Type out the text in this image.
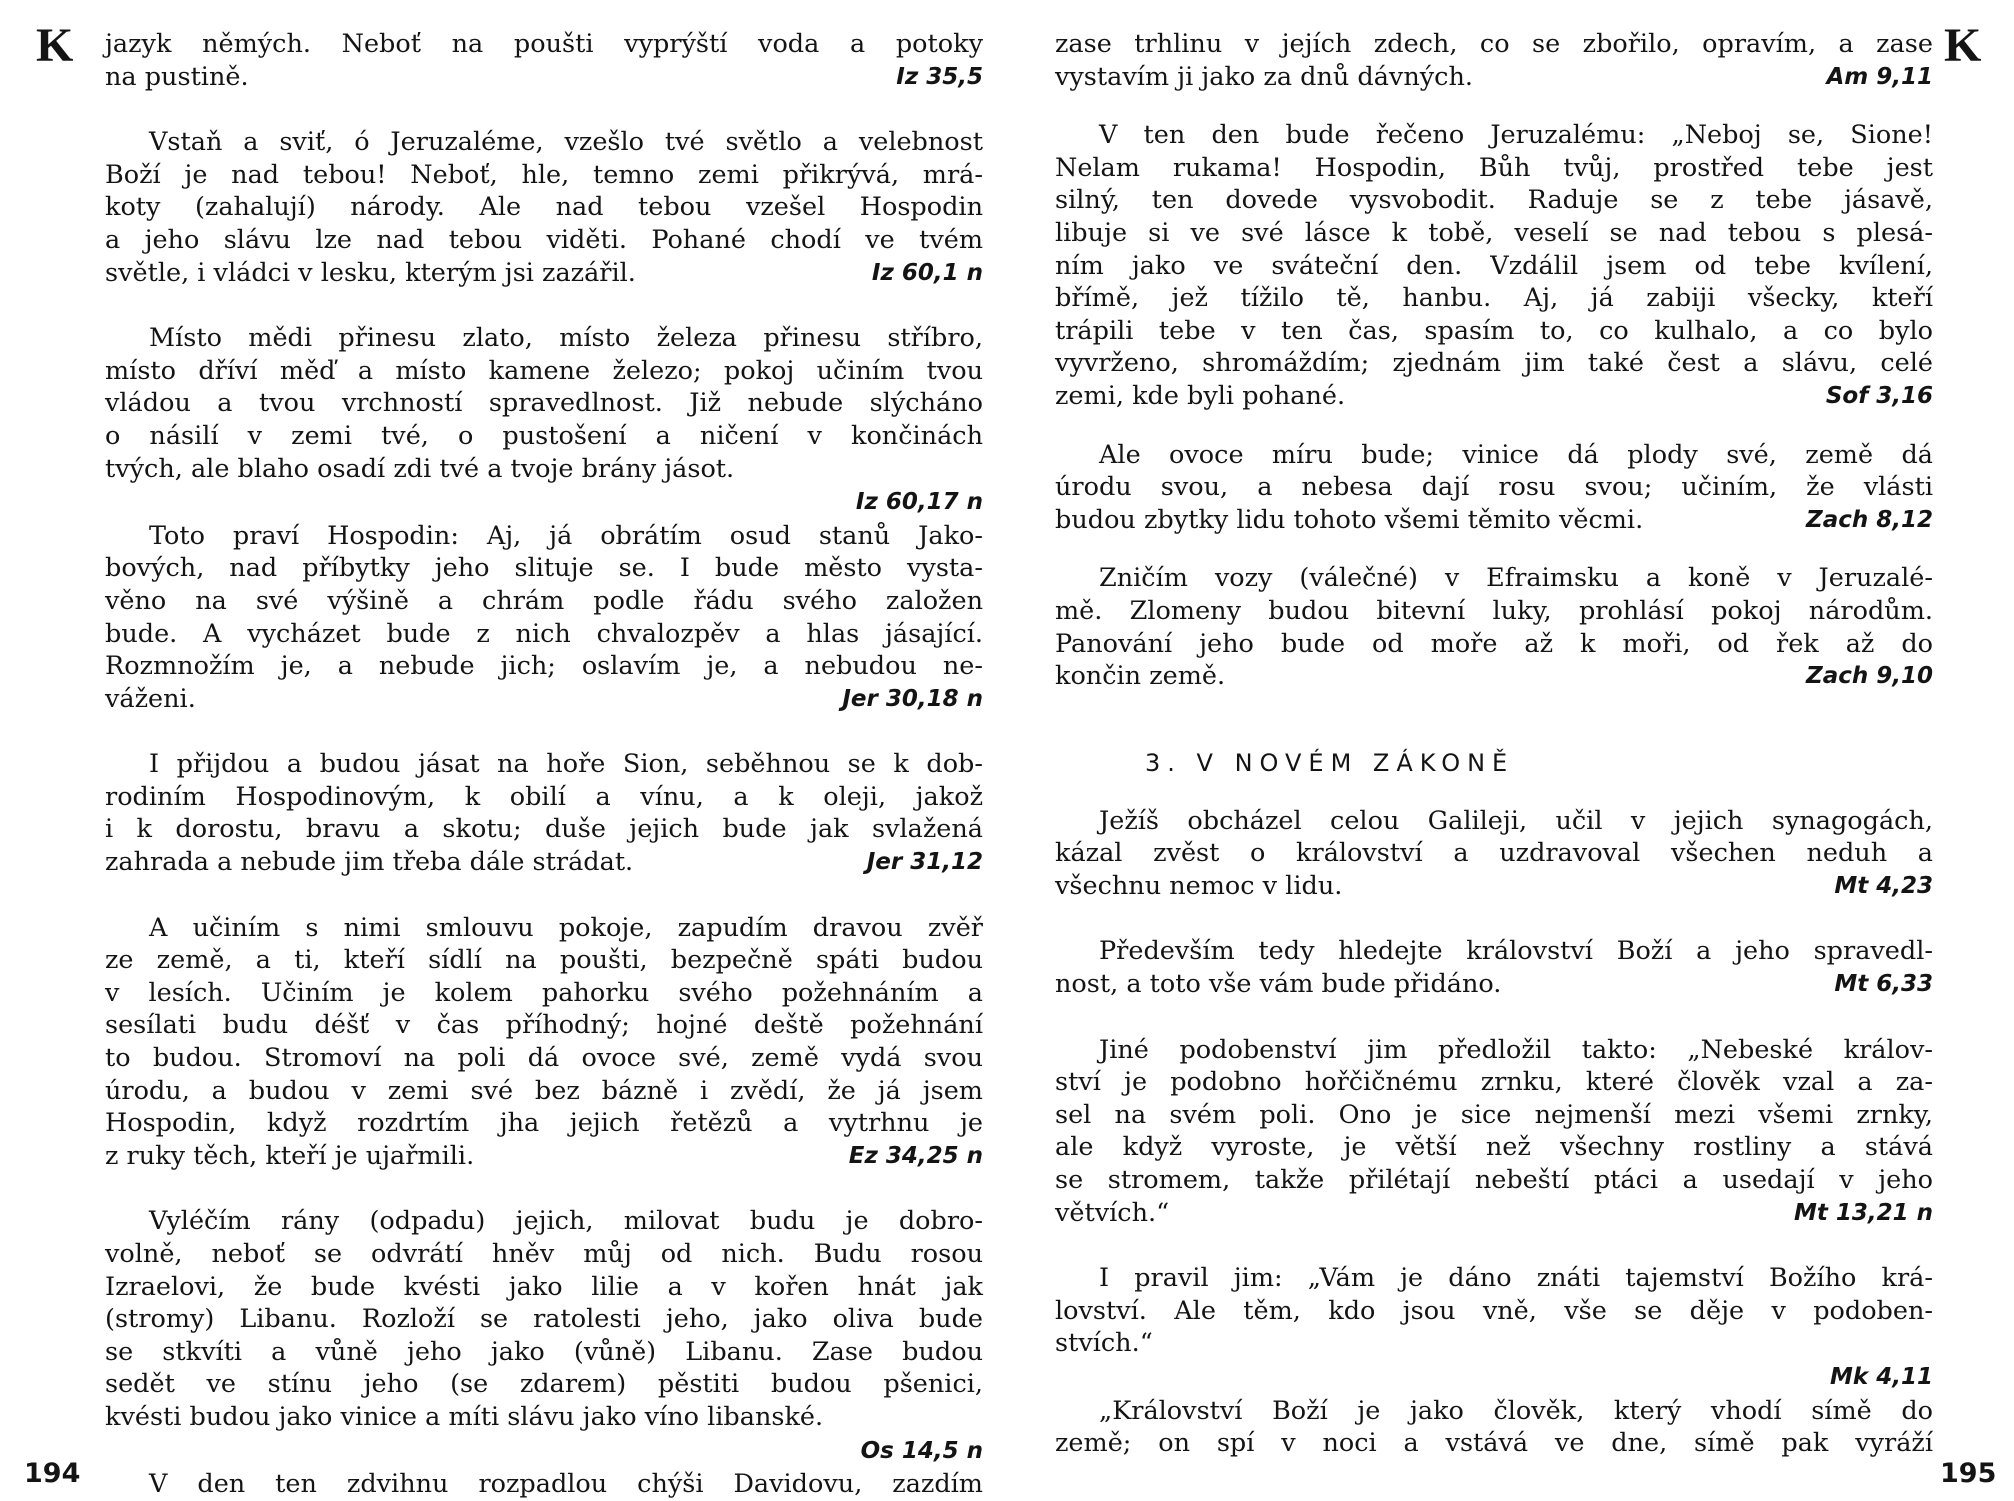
K jazyk němých. Neboť na poušti vyprýští voda a potoky
na pustině.	Iz 35,5

Vstaň a sviť, ó Jeruzaléme, vzešlo tvé světlo a velebnost
Boží je nad tebou! Neboť, hle, temno zemi přikrývá, mrá-
koty (zahalují) národy. Ale nad tebou vzešel Hospodin
a jeho slávu lze nad tebou viděti. Pohané chodí ve tvém
světle, i vládci v lesku, kterým jsi zazářil.	Iz 60,1 n

Místo mědi přinesu zlato, místo železa přinesu stříbro,
místo dříví měď a místo kamene železo; pokoj učiním tvou
vládou a tvou vrchností spravedlnost. Již nebude slýcháno
o násilí v zemi tvé, o pustošení a ničení v končinách
tvých, ale blaho osadí zdi tvé a tvoje brány jásot.
Iz 60,17 n

Toto praví Hospodin: Aj, já obrátím osud stanů Jako-
bových, nad příbytky jeho slituje se. I bude město vysta-
věno na své výšině a chrám podle řádu svého založen
bude. A vycházet bude z nich chvalozpěv a hlas jásající.
Rozmnožím je, a nebude jich; oslavím je, a nebudou ne-
váženi.	Jer 30,18 n

I přijdou a budou jásat na hoře Sion, seběhnou se k dob-
rodiním Hospodinovým, k obilí a vínu, a k oleji, jakož
i k dorostu, bravu a skotu; duše jejich bude jak svlažená
zahrada a nebude jim třeba dále strádat.	Jer 31,12

A učiním s nimi smlouvu pokoje, zapudím dravou zvěř
ze země, a ti, kteří sídlí na poušti, bezpečně spáti budou
v lesích. Učiním je kolem pahorku svého požehnáním a
sesílati budu déšť v čas příhodný; hojné deště požehnání
to budou. Stromoví na poli dá ovoce své, země vydá svou
úrodu, a budou v zemi své bez bázně i zvědí, že já jsem
Hospodin, když rozdrtím jha jejich řetězů a vytrhnu je
z ruky těch, kteří je ujařmili.	Ez 34,25 n

Vyléčím rány (odpadu) jejich, milovat budu je dobro-
volně, neboť se odvrátí hněv můj od nich. Budu rosou
Izraelovi, že bude kvésti jako lilie a v kořen hnát jak
(stromy) Libanu. Rozloží se ratolesti jeho, jako oliva bude
se stkvíti a vůně jeho jako (vůně) Libanu. Zase budou
sedět ve stínu jeho (se zdarem) pěstiti budou pšenici,
kvésti budou jako vinice a míti slávu jako víno libanské.
Os 14,5 n

V den ten zdvihnu rozpadlou chýši Davidovu, zazdím

194
K

zase trhlinu v jejích zdech, co se zbořilo, opravím, a zase
vystavím ji jako za dnů dávných.	Am 9,11

V ten den bude řečeno Jeruzalému: „Neboj se, Sione!
Nelam rukama! Hospodin, Bůh tvůj, prostřed tebe jest
silný, ten dovede vysvobodit. Raduje se z tebe jásavě,
libuje si ve své lásce k tobě, veselí se nad tebou s plesá-
ním jako ve sváteční den. Vzdálil jsem od tebe kvílení,
břímě, jež tížilo tě, hanbu. Aj, já zabiji všecky, kteří
trápili tebe v ten čas, spasím to, co kulhalo, a co bylo
vyvrženo, shromáždím; zjednám jim také čest a slávu, celé
zemi, kde byli pohané.	Sof 3,16

Ale ovoce míru bude; vinice dá plody své, země dá
úrodu svou, a nebesa dají rosu svou; učiním, že vlásti
budou zbytky lidu tohoto všemi těmito věcmi.	Zach 8,12

Zničím vozy (válečné) v Efraimsku a koně v Jeruzalé-
mě. Zlomeny budou bitevní luky, prohlásí pokoj národům.
Panování jeho bude od moře až k moři, od řek až do
končin země.	Zach 9,10

3. V NOVÉM ZÁKONĚ

Ježíš obcházel celou Galileji, učil v jejich synagogách,
kázal zvěst o království a uzdravoval všechen neduh a
všechnu nemoc v lidu.	Mt 4,23

Především tedy hledejte království Boží a jeho spravedl-
nost, a toto vše vám bude přidáno.	Mt 6,33

Jiné podobenství jim předložil takto: „Nebeské králov-
ství je podobno hořčičnému zrnku, které člověk vzal a za-
sel na svém poli. Ono je sice nejmenší mezi všemi zrnky,
ale když vyroste, je větší než všechny rostliny a stává
se stromem, takže přilétají nebeští ptáci a usedají v jeho
větvích.“	Mt 13,21 n

I pravil jim: „Vám je dáno znáti tajemství Božího krá-
lovství. Ale těm, kdo jsou vně, vše se děje v podoben-
stvích.“
Mk 4,11

„Království Boží je jako člověk, který vhodí símě do
země; on spí v noci a vstává ve dne, símě pak vyráží

195
